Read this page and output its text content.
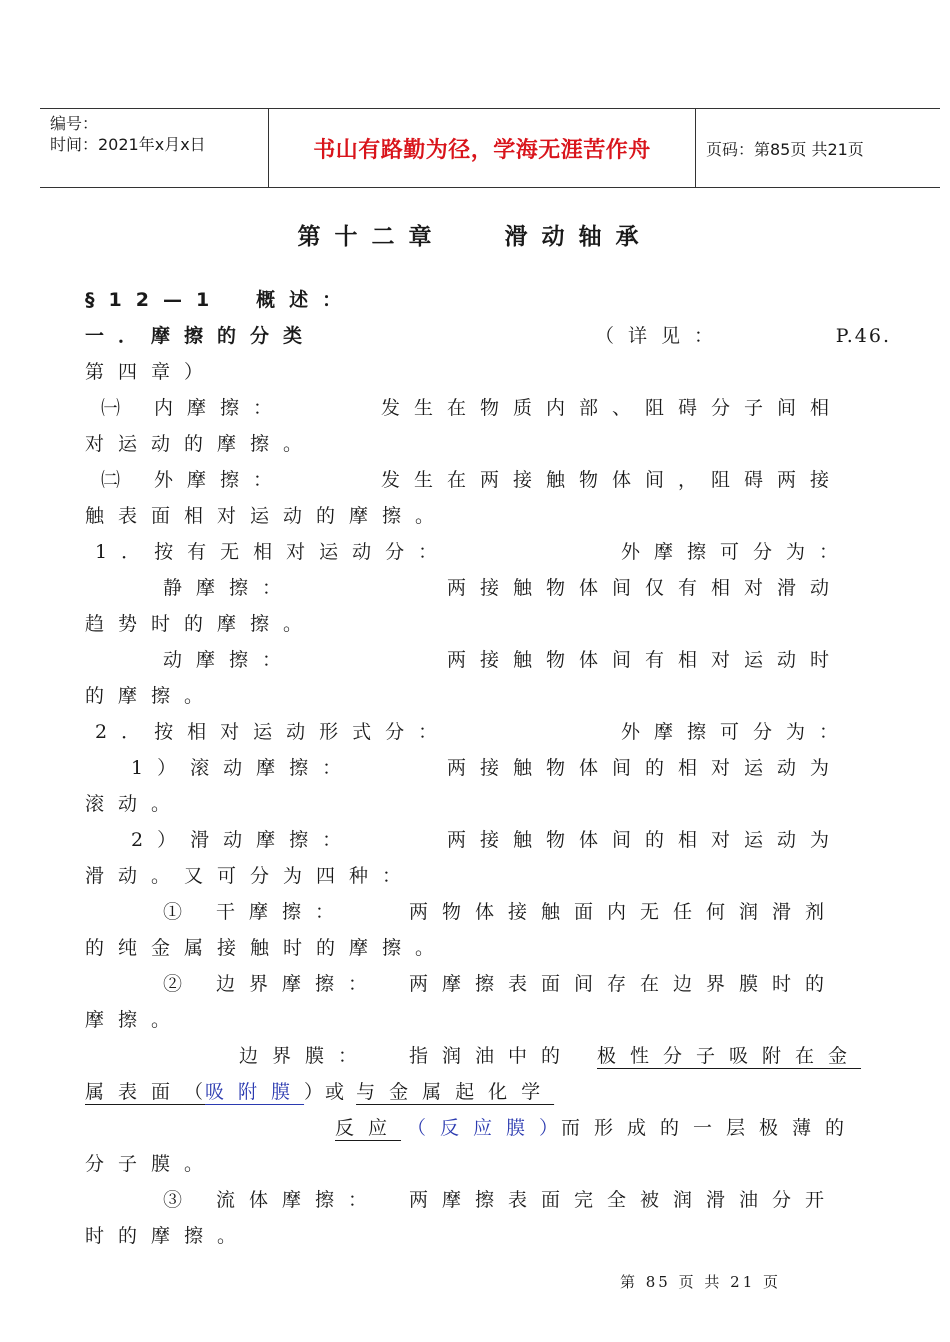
编号：
时间：2021年x月x日	书山有路勤为径，学海无涯苦作舟	页码：第85页 共21页
第十二章　 滑动轴承
§12—1　概述：
一．摩擦的分类	（详见：	P.46.
第四章）
㈠ 内摩擦：	发生在物质内部、阻碍分子间相
对运动的摩擦。
㈡ 外摩擦：	发生在两接触物体间，阻碍两接
触表面相对运动的摩擦。
1．按有无相对运动分：	外摩擦可分为：
静摩擦：	两接触物体间仅有相对滑动
趋势时的摩擦。
动摩擦：	两接触物体间有相对运动时
的摩擦。
2．按相对运动形式分：	外摩擦可分为：
1）滚动摩擦：	两接触物体间的相对运动为
滚动。
2）滑动摩擦：	两接触物体间的相对运动为
滑动。又可分为四种：
① 干摩擦：	两物体接触面内无任何润滑剂
的纯金属接触时的摩擦。
② 边界摩擦： 两摩擦表面间存在边界膜时的
摩擦。
边界膜： 指润油中的 极性分子吸附在金
属表面（吸附膜）或 与金属起化学
反应 （反应膜）
而形成的一层极薄的
分子膜。
③ 流体摩擦： 两摩擦表面完全被润滑油分开
时的摩擦。
第 85 页 共 21 页
